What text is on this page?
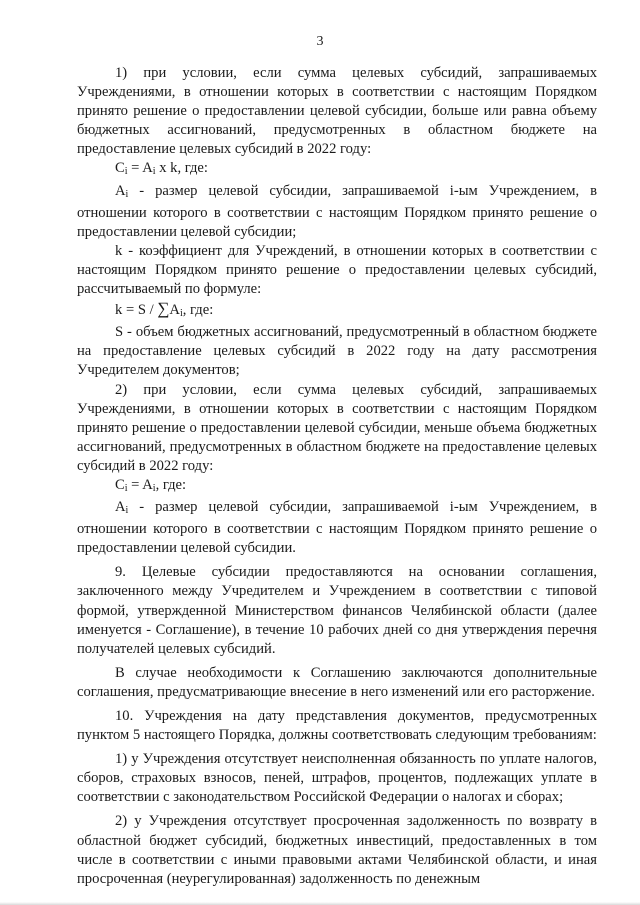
3

1) при условии, если сумма целевых субсидий, запрашиваемых Учреждениями, в отношении которых в соответствии с настоящим Порядком принято решение о предоставлении целевой субсидии, больше или равна объему бюджетных ассигнований, предусмотренных в областном бюджете на предоставление целевых субсидий в 2022 году:

$C_i = A_i$ x k, где:

$A_i$ - размер целевой субсидии, запрашиваемой i-ым Учреждением, в отношении которого в соответствии с настоящим Порядком принято решение о предоставлении целевой субсидии;

k - коэффициент для Учреждений, в отношении которых в соответствии с настоящим Порядком принято решение о предоставлении целевых субсидий, рассчитываемый по формуле:

$k = S / \sum A_i$, где:

S - объем бюджетных ассигнований, предусмотренный в областном бюджете на предоставление целевых субсидий в 2022 году на дату рассмотрения Учредителем документов;

2) при условии, если сумма целевых субсидий, запрашиваемых Учреждениями, в отношении которых в соответствии с настоящим Порядком принято решение о предоставлении целевой субсидии, меньше объема бюджетных ассигнований, предусмотренных в областном бюджете на предоставление целевых субсидий в 2022 году:

$C_i = A_i$, где:

$A_i$ - размер целевой субсидии, запрашиваемой i-ым Учреждением, в отношении которого в соответствии с настоящим Порядком принято решение о предоставлении целевой субсидии.

9. Целевые субсидии предоставляются на основании соглашения, заключенного между Учредителем и Учреждением в соответствии с типовой формой, утвержденной Министерством финансов Челябинской области (далее именуется - Соглашение), в течение 10 рабочих дней со дня утверждения перечня получателей целевых субсидий.

В случае необходимости к Соглашению заключаются дополнительные соглашения, предусматривающие внесение в него изменений или его расторжение.

10. Учреждения на дату представления документов, предусмотренных пунктом 5 настоящего Порядка, должны соответствовать следующим требованиям:

1) у Учреждения отсутствует неисполненная обязанность по уплате налогов, сборов, страховых взносов, пеней, штрафов, процентов, подлежащих уплате в соответствии с законодательством Российской Федерации о налогах и сборах;

2) у Учреждения отсутствует просроченная задолженность по возврату в областной бюджет субсидий, бюджетных инвестиций, предоставленных в том числе в соответствии с иными правовыми актами Челябинской области, и иная просроченная (неурегулированная) задолженность по денежным
